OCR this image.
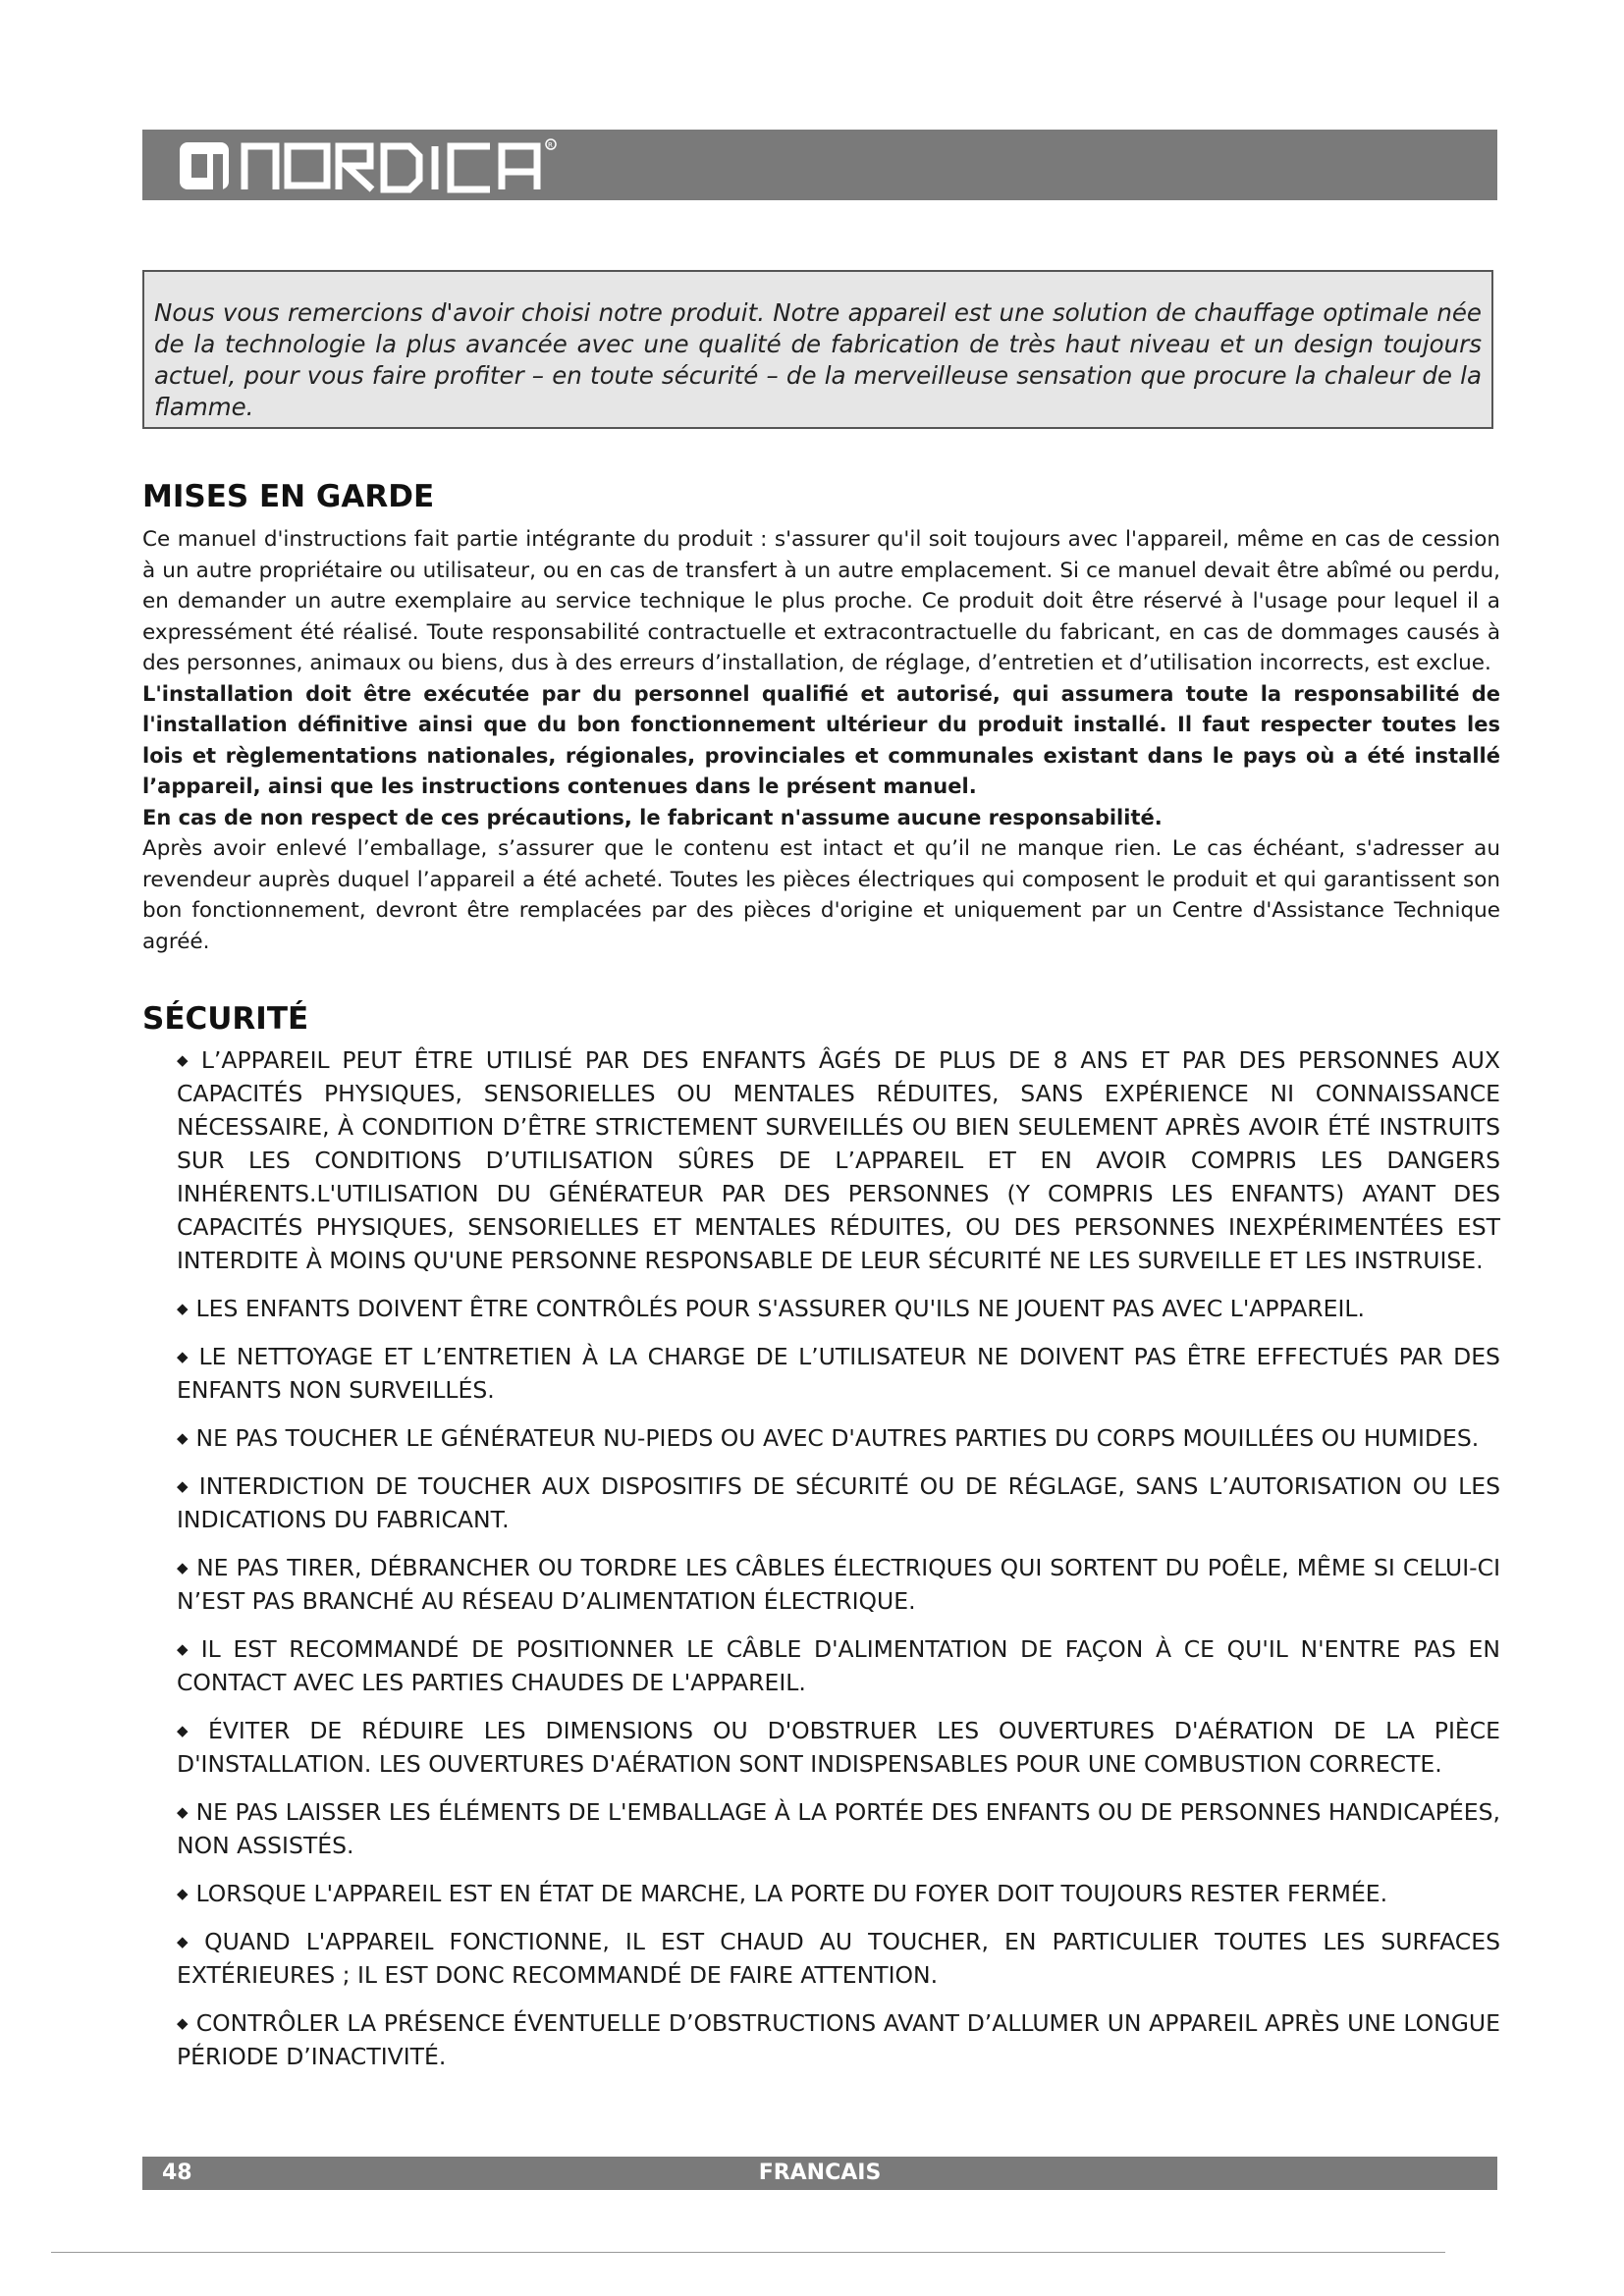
R
Nous vous remercions d'avoir choisi notre produit. Notre appareil est une solution de chauffage optimale née de la technologie la plus avancée avec une qualité de fabrication de très haut niveau et un design toujours actuel, pour vous faire profiter – en toute sécurité – de la merveilleuse sensation que procure la chaleur de la flamme.
MISES EN GARDE

Ce manuel d'instructions fait partie intégrante du produit : s'assurer qu'il soit toujours avec l'appareil, même en cas de cession à un autre propriétaire ou utilisateur, ou en cas de transfert à un autre emplacement. Si ce manuel devait être abîmé ou perdu, en demander un autre exemplaire au service technique le plus proche. Ce produit doit être réservé à l'usage pour lequel il a expressément été réalisé. Toute responsabilité contractuelle et extracontractuelle du fabricant, en cas de dommages causés à des personnes, animaux ou biens, dus à des erreurs d’installation, de réglage, d’entretien et d’utilisation incorrects, est exclue.

L'installation doit être exécutée par du personnel qualifié et autorisé, qui assumera toute la responsabilité de l'installation définitive ainsi que du bon fonctionnement ultérieur du produit installé. Il faut respecter toutes les lois et règlementations nationales, régionales, provinciales et communales existant dans le pays où a été installé l’appareil, ainsi que les instructions contenues dans le présent manuel.

En cas de non respect de ces précautions, le fabricant n'assume aucune responsabilité.

Après avoir enlevé l’emballage, s’assurer que le contenu est intact et qu’il ne manque rien. Le cas échéant, s'adresser au revendeur auprès duquel l’appareil a été acheté. Toutes les pièces électriques qui composent le produit et qui garantissent son bon fonctionnement, devront être remplacées par des pièces d'origine et uniquement par un Centre d'Assistance Technique agréé.

SÉCURITÉ
◆ L’APPAREIL PEUT ÊTRE UTILISÉ PAR DES ENFANTS ÂGÉS DE PLUS DE 8 ANS ET PAR DES PERSONNES AUX CAPACITÉS PHYSIQUES, SENSORIELLES OU MENTALES RÉDUITES, SANS EXPÉRIENCE NI CONNAISSANCE NÉCESSAIRE, À CONDITION D’ÊTRE STRICTEMENT SURVEILLÉS OU BIEN SEULEMENT APRÈS AVOIR ÉTÉ INSTRUITS SUR LES CONDITIONS D’UTILISATION SÛRES DE L’APPAREIL ET EN AVOIR COMPRIS LES DANGERS INHÉRENTS.L'UTILISATION DU GÉNÉRATEUR PAR DES PERSONNES (Y COMPRIS LES ENFANTS) AYANT DES CAPACITÉS PHYSIQUES, SENSORIELLES ET MENTALES RÉDUITES, OU DES PERSONNES INEXPÉRIMENTÉES EST INTERDITE À MOINS QU'UNE PERSONNE RESPONSABLE DE LEUR SÉCURITÉ NE LES SURVEILLE ET LES INSTRUISE.
◆ LES ENFANTS DOIVENT ÊTRE CONTRÔLÉS POUR S'ASSURER QU'ILS NE JOUENT PAS AVEC L'APPAREIL.
◆ LE NETTOYAGE ET L’ENTRETIEN À LA CHARGE DE L’UTILISATEUR NE DOIVENT PAS ÊTRE EFFECTUÉS PAR DES ENFANTS NON SURVEILLÉS.
◆ NE PAS TOUCHER LE GÉNÉRATEUR NU-PIEDS OU AVEC D'AUTRES PARTIES DU CORPS MOUILLÉES OU HUMIDES.
◆ INTERDICTION DE TOUCHER AUX DISPOSITIFS DE SÉCURITÉ OU DE RÉGLAGE, SANS L’AUTORISATION OU LES INDICATIONS DU FABRICANT.
◆ NE PAS TIRER, DÉBRANCHER OU TORDRE LES CÂBLES ÉLECTRIQUES QUI SORTENT DU POÊLE, MÊME SI CELUI-CI N’EST PAS BRANCHÉ AU RÉSEAU D’ALIMENTATION ÉLECTRIQUE.
◆ IL EST RECOMMANDÉ DE POSITIONNER LE CÂBLE D'ALIMENTATION DE FAÇON À CE QU'IL N'ENTRE PAS EN CONTACT AVEC LES PARTIES CHAUDES DE L'APPAREIL.
◆ ÉVITER DE RÉDUIRE LES DIMENSIONS OU D'OBSTRUER LES OUVERTURES D'AÉRATION DE LA PIÈCE D'INSTALLATION. LES OUVERTURES D'AÉRATION SONT INDISPENSABLES POUR UNE COMBUSTION CORRECTE.
◆ NE PAS LAISSER LES ÉLÉMENTS DE L'EMBALLAGE À LA PORTÉE DES ENFANTS OU DE PERSONNES HANDICAPÉES, NON ASSISTÉS.
◆ LORSQUE L'APPAREIL EST EN ÉTAT DE MARCHE, LA PORTE DU FOYER DOIT TOUJOURS RESTER FERMÉE.
◆ QUAND L'APPAREIL FONCTIONNE, IL EST CHAUD AU TOUCHER, EN PARTICULIER TOUTES LES SURFACES EXTÉRIEURES ; IL EST DONC RECOMMANDÉ DE FAIRE ATTENTION.
◆ CONTRÔLER LA PRÉSENCE ÉVENTUELLE D’OBSTRUCTIONS AVANT D’ALLUMER UN APPAREIL APRÈS UNE LONGUE PÉRIODE D’INACTIVITÉ.
48	FRANCAIS
